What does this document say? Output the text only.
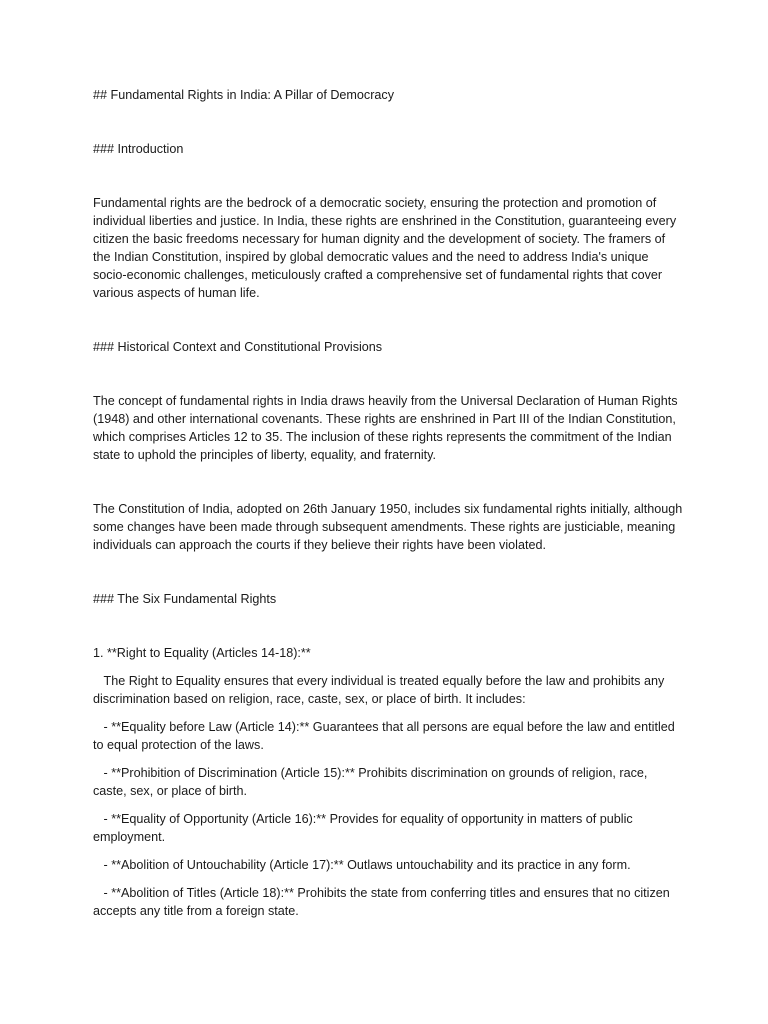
## Fundamental Rights in India: A Pillar of Democracy

### Introduction

Fundamental rights are the bedrock of a democratic society, ensuring the protection and promotion of individual liberties and justice. In India, these rights are enshrined in the Constitution, guaranteeing every citizen the basic freedoms necessary for human dignity and the development of society. The framers of the Indian Constitution, inspired by global democratic values and the need to address India's unique socio-economic challenges, meticulously crafted a comprehensive set of fundamental rights that cover various aspects of human life.

### Historical Context and Constitutional Provisions

The concept of fundamental rights in India draws heavily from the Universal Declaration of Human Rights (1948) and other international covenants. These rights are enshrined in Part III of the Indian Constitution, which comprises Articles 12 to 35. The inclusion of these rights represents the commitment of the Indian state to uphold the principles of liberty, equality, and fraternity.

The Constitution of India, adopted on 26th January 1950, includes six fundamental rights initially, although some changes have been made through subsequent amendments. These rights are justiciable, meaning individuals can approach the courts if they believe their rights have been violated.

### The Six Fundamental Rights

1. **Right to Equality (Articles 14-18):**

The Right to Equality ensures that every individual is treated equally before the law and prohibits any discrimination based on religion, race, caste, sex, or place of birth. It includes:

- **Equality before Law (Article 14):** Guarantees that all persons are equal before the law and entitled to equal protection of the laws.

- **Prohibition of Discrimination (Article 15):** Prohibits discrimination on grounds of religion, race, caste, sex, or place of birth.

- **Equality of Opportunity (Article 16):** Provides for equality of opportunity in matters of public employment.

- **Abolition of Untouchability (Article 17):** Outlaws untouchability and its practice in any form.

- **Abolition of Titles (Article 18):** Prohibits the state from conferring titles and ensures that no citizen accepts any title from a foreign state.
